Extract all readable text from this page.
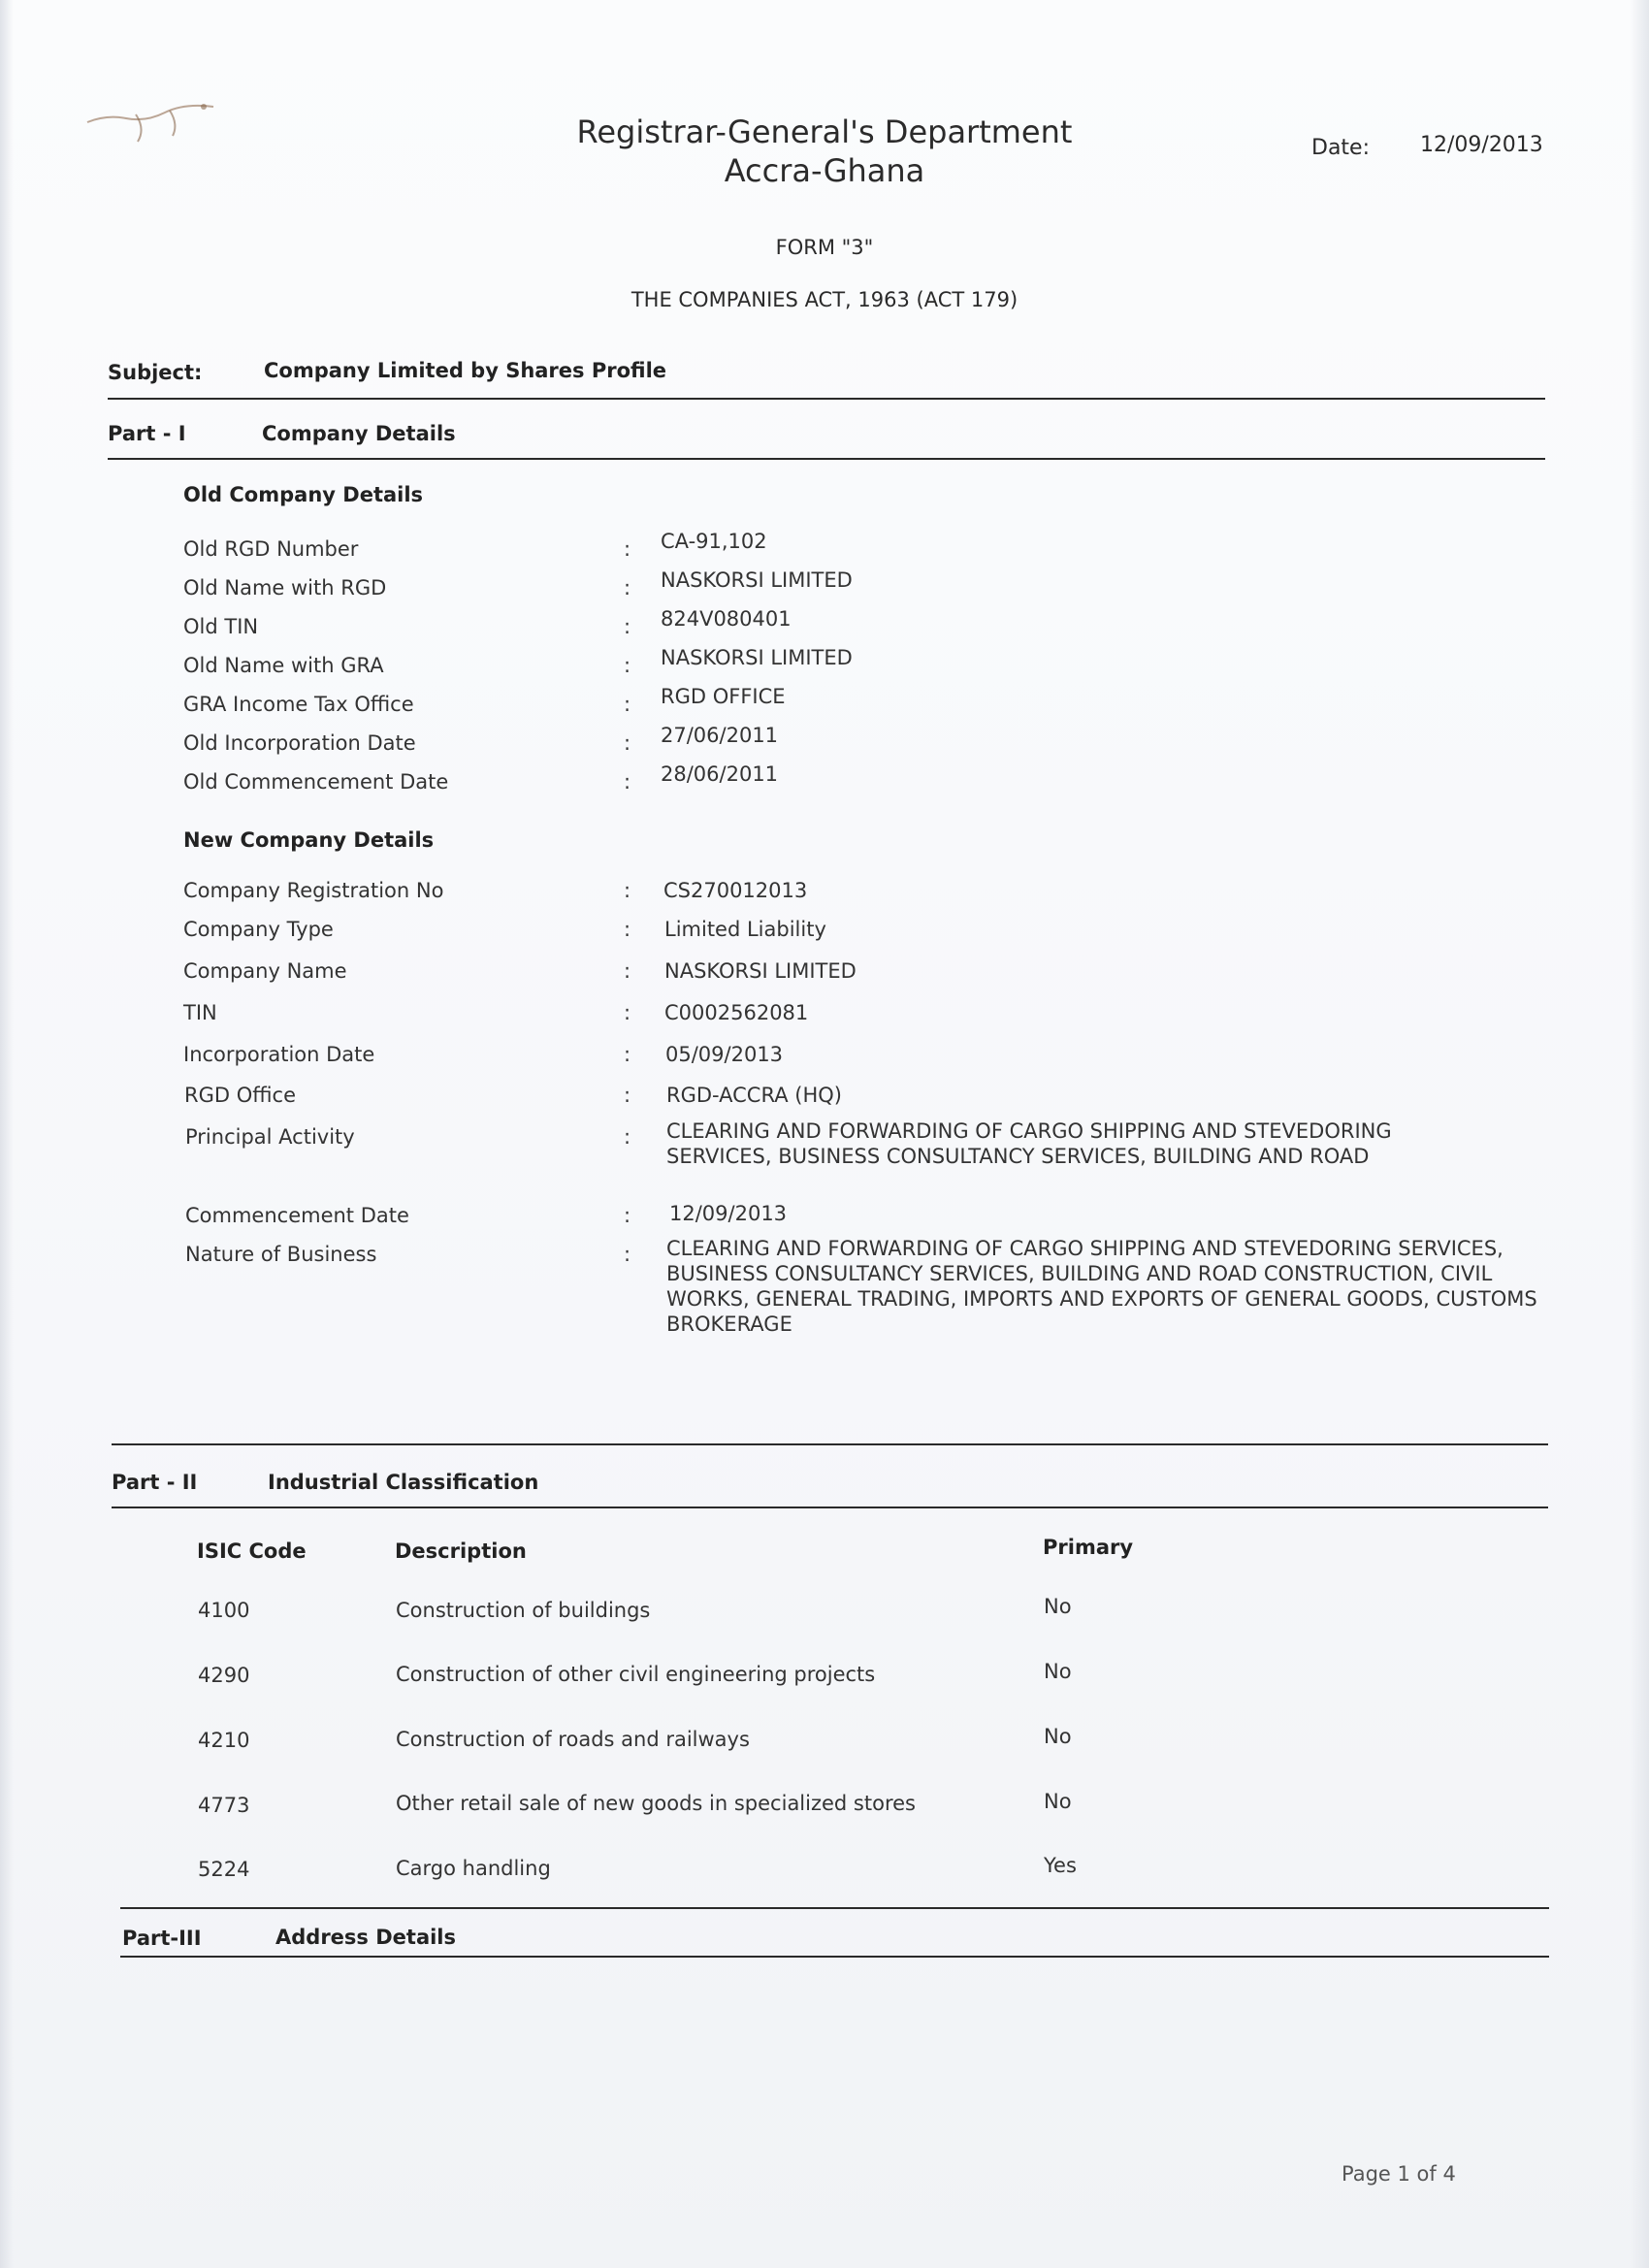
Registrar-General's Department
Accra-Ghana
Date: 12/09/2013
FORM "3"
THE COMPANIES ACT, 1963 (ACT 179)
Subject:	Company Limited by Shares Profile
Part - I	Company Details
Old Company Details
Old RGD Number	: CA-91,102
Old Name with RGD	: NASKORSI LIMITED
Old TIN	: 824V080401
Old Name with GRA	: NASKORSI LIMITED
GRA Income Tax Office	: RGD OFFICE
Old Incorporation Date	: 27/06/2011
Old Commencement Date	: 28/06/2011
New Company Details
Company Registration No	: CS270012013
Company Type	: Limited Liability
Company Name	: NASKORSI LIMITED
TIN	: C0002562081
Incorporation Date	: 05/09/2013
RGD Office	: RGD-ACCRA (HQ)
Principal Activity	: CLEARING AND FORWARDING OF CARGO SHIPPING AND STEVEDORING SERVICES, BUSINESS CONSULTANCY SERVICES, BUILDING AND ROAD
Commencement Date	: 12/09/2013
Nature of Business	: CLEARING AND FORWARDING OF CARGO SHIPPING AND STEVEDORING SERVICES, BUSINESS CONSULTANCY SERVICES, BUILDING AND ROAD CONSTRUCTION, CIVIL WORKS, GENERAL TRADING, IMPORTS AND EXPORTS OF GENERAL GOODS, CUSTOMS BROKERAGE
Part - II	Industrial Classification
ISIC Code	Description	Primary
4100	Construction of buildings	No
4290	Construction of other civil engineering projects	No
4210	Construction of roads and railways	No
4773	Other retail sale of new goods in specialized stores	No
5224	Cargo handling	Yes
Part-III	Address Details
Page 1 of 4
